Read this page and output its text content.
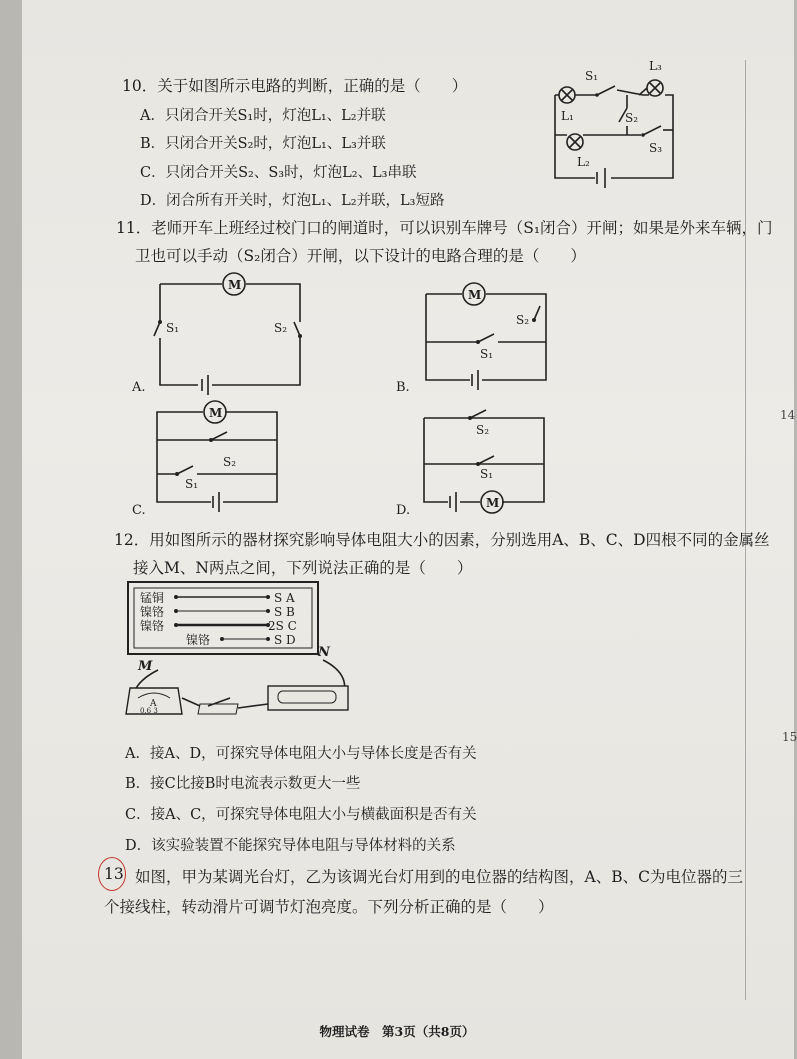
10．关于如图所示电路的判断，正确的是（　　）
A．只闭合开关S₁时，灯泡L₁、L₂并联
B．只闭合开关S₂时，灯泡L₁、L₃并联
C．只闭合开关S₂、S₃时，灯泡L₂、L₃串联
D．闭合所有开关时，灯泡L₁、L₂并联，L₃短路
S₁
L₃
L₁	S₂
S₃
L₂
11．老师开车上班经过校门口的闸道时，可以识别车牌号（S₁闭合）开闸；如果是外来车辆，门
卫也可以手动（S₂闭合）开闸，以下设计的电路合理的是（　　）
M
S₁	S₂
A.
M
S₂
S₁
B.
M
S₂
S₁
C.	M
S₂
S₁
D.
12．用如图所示的器材探究影响导体电阻大小的因素，分别选用A、B、C、D四根不同的金属丝
接入M、N两点之间，下列说法正确的是（　　）
锰铜	S A
镍铬	S B
镍铬	2S C
镍铬	S D
M
N
A
0.6 3
A．接A、D，可探究导体电阻大小与导体长度是否有关
B．接C比接B时电流表示数更大一些
C．接A、C，可探究导体电阻大小与横截面积是否有关
D．该实验装置不能探究导体电阻与导体材料的关系
13 如图，甲为某调光台灯，乙为该调光台灯用到的电位器的结构图，A、B、C为电位器的三
个接线柱，转动滑片可调节灯泡亮度。下列分析正确的是（　　）
14
15
物理试卷　第3页（共8页）
